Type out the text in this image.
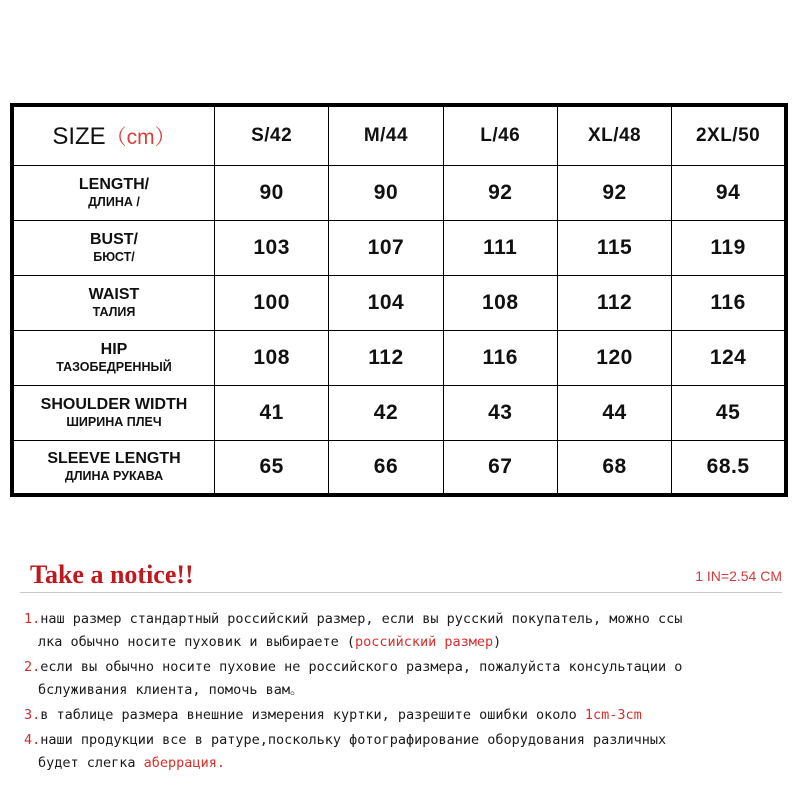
SIZE（cm）	S/42	M/44	L/46	XL/48	2XL/50

LENGTH/
ДЛИНА /	90	90	92	92	94

BUST/
БЮСТ/	103	107	111	115	119

WAIST
ТАЛИЯ	100	104	108	112	116

HIP
ТАЗОБЕДРЕННЫЙ	108	112	116	120	124

SHOULDER WIDTH
ШИРИНА ПЛЕЧ	41	42	43	44	45

SLEEVE LENGTH
ДЛИНА РУКАВА	65	66	67	68	68.5
Take a notice!!	1 IN=2.54 CM

1.наш размер стандартный российский размер, если вы русский покупатель, можно ссы
лка обычно носите пуховик и выбираете (российский размер)

2.если вы обычно носите пуховие не российского размера, пожалуйста консультации о
бслуживания клиента, помочь вам。

3.в таблице размера внешние измерения куртки, разрешите ошибки около 1cm-3cm

4.наши продукции все в ратуре,поскольку фотографирование оборудования различных
будет слегка аберрация.
